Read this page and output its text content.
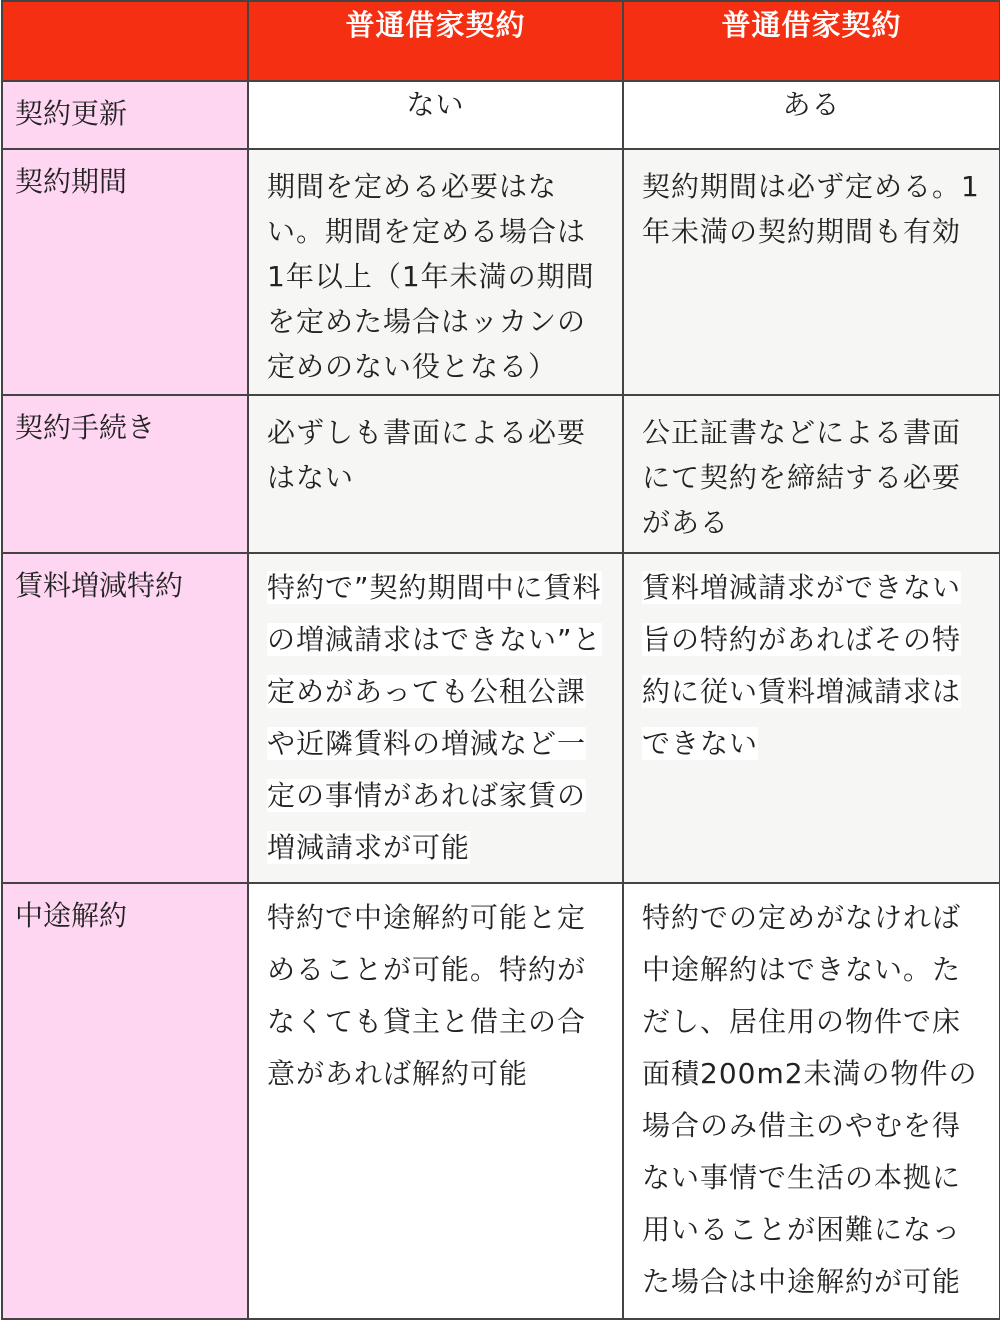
	普通借家契約	普通借家契約
契約更新	ない	ある
契約期間	期間を定める必要はない。期間を定める場合は1年以上（1年未満の期間を定めた場合はッカンの定めのない役となる）	契約期間は必ず定める。1年未満の契約期間も有効
契約手続き	必ずしも書面による必要はない	公正証書などによる書面にて契約を締結する必要がある
賃料増減特約	特約で”契約期間中に賃料の増減請求はできない”と定めがあっても公租公課や近隣賃料の増減など一定の事情があれば家賃の増減請求が可能	賃料増減請求ができない旨の特約があればその特約に従い賃料増減請求はできない
中途解約	特約で中途解約可能と定めることが可能。特約がなくても貸主と借主の合意があれば解約可能	特約での定めがなければ中途解約はできない。ただし、居住用の物件で床面積200m2未満の物件の場合のみ借主のやむを得ない事情で生活の本拠に用いることが困難になった場合は中途解約が可能
